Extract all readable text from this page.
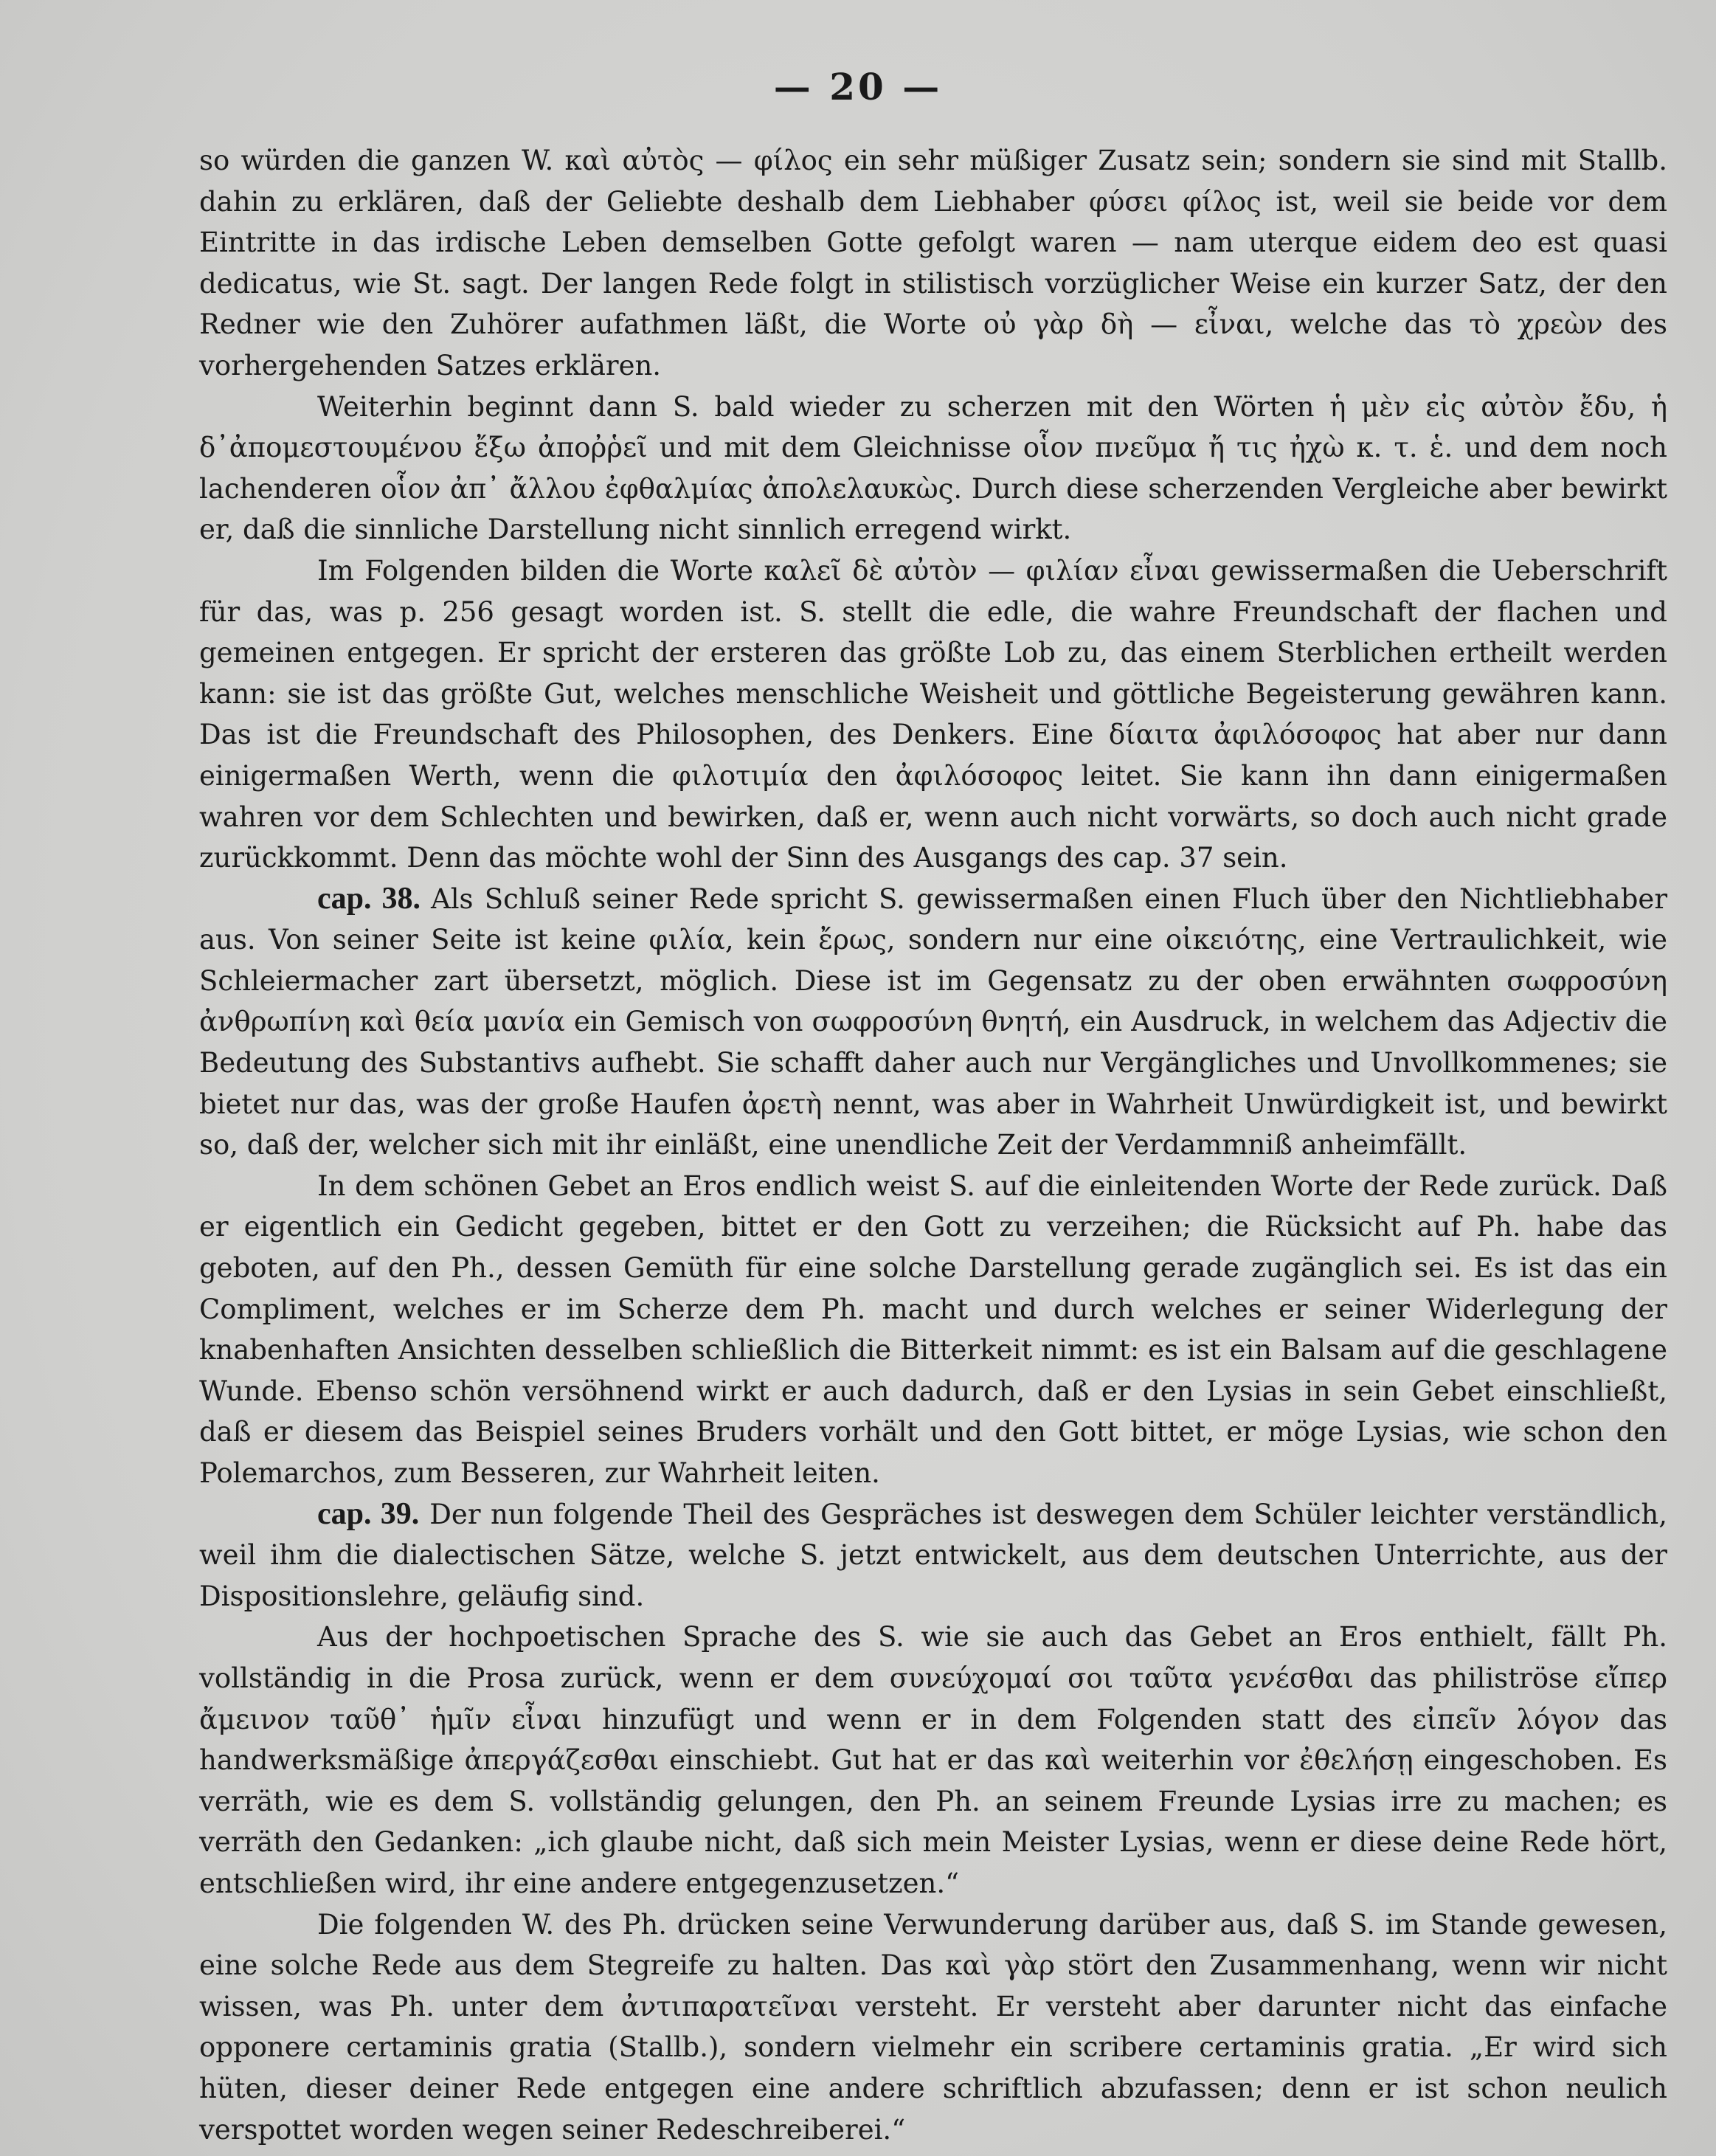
— 20 —

so würden die ganzen W. καὶ αὐτὸς — φίλος ein sehr müßiger Zusatz sein; sondern sie sind mit Stallb. dahin zu erklären, daß der Geliebte deshalb dem Liebhaber φύσει φίλος ist, weil sie beide vor dem Eintritte in das irdische Leben demselben Gotte gefolgt waren — nam uterque eidem deo est quasi dedicatus, wie St. sagt. Der langen Rede folgt in stilistisch vorzüglicher Weise ein kurzer Satz, der den Redner wie den Zuhörer aufathmen läßt, die Worte οὐ γὰρ δὴ — εἶναι, welche das τὸ χρεὼν des vorhergehenden Satzes erklären.

Weiterhin beginnt dann S. bald wieder zu scherzen mit den Wörten ἡ μὲν εἰς αὐτὸν ἔδυ, ἡ δ᾽ἀπομεστουμένου ἔξω ἀποῤῥεῖ und mit dem Gleichnisse οἷον πνεῦμα ἤ τις ἠχὼ κ. τ. ἑ. und dem noch lachenderen οἷον ἀπ᾽ ἄλλου ἐφθαλμίας ἀπολελαυκὼς. Durch diese scherzenden Vergleiche aber bewirkt er, daß die sinnliche Darstellung nicht sinnlich erregend wirkt.

Im Folgenden bilden die Worte καλεῖ δὲ αὐτὸν — φιλίαν εἶναι gewissermaßen die Ueberschrift für das, was p. 256 gesagt worden ist. S. stellt die edle, die wahre Freundschaft der flachen und gemeinen entgegen. Er spricht der ersteren das größte Lob zu, das einem Sterblichen ertheilt werden kann: sie ist das größte Gut, welches menschliche Weisheit und göttliche Begeisterung gewähren kann. Das ist die Freundschaft des Philosophen, des Denkers. Eine δίαιτα ἀφιλόσοφος hat aber nur dann einigermaßen Werth, wenn die φιλοτιμία den ἀφιλόσοφος leitet. Sie kann ihn dann einigermaßen wahren vor dem Schlechten und bewirken, daß er, wenn auch nicht vorwärts, so doch auch nicht grade zurückkommt. Denn das möchte wohl der Sinn des Ausgangs des cap. 37 sein.

cap. 38. Als Schluß seiner Rede spricht S. gewissermaßen einen Fluch über den Nichtliebhaber aus. Von seiner Seite ist keine φιλία, kein ἔρως, sondern nur eine οἰκειότης, eine Vertraulichkeit, wie Schleiermacher zart übersetzt, möglich. Diese ist im Gegensatz zu der oben erwähnten σωφροσύνη ἀνθρωπίνη καὶ θεία μανία ein Gemisch von σωφροσύνη θνητή, ein Ausdruck, in welchem das Adjectiv die Bedeutung des Substantivs aufhebt. Sie schafft daher auch nur Vergängliches und Unvollkommenes; sie bietet nur das, was der große Haufen ἀρετὴ nennt, was aber in Wahrheit Unwürdigkeit ist, und bewirkt so, daß der, welcher sich mit ihr einläßt, eine unendliche Zeit der Verdammniß anheimfällt.

In dem schönen Gebet an Eros endlich weist S. auf die einleitenden Worte der Rede zurück. Daß er eigentlich ein Gedicht gegeben, bittet er den Gott zu verzeihen; die Rücksicht auf Ph. habe das geboten, auf den Ph., dessen Gemüth für eine solche Darstellung gerade zugänglich sei. Es ist das ein Compliment, welches er im Scherze dem Ph. macht und durch welches er seiner Widerlegung der knabenhaften Ansichten desselben schließlich die Bitterkeit nimmt: es ist ein Balsam auf die geschlagene Wunde. Ebenso schön versöhnend wirkt er auch dadurch, daß er den Lysias in sein Gebet einschließt, daß er diesem das Beispiel seines Bruders vorhält und den Gott bittet, er möge Lysias, wie schon den Polemarchos, zum Besseren, zur Wahrheit leiten.

cap. 39. Der nun folgende Theil des Gespräches ist deswegen dem Schüler leichter verständlich, weil ihm die dialectischen Sätze, welche S. jetzt entwickelt, aus dem deutschen Unterrichte, aus der Dispositionslehre, geläufig sind.

Aus der hochpoetischen Sprache des S. wie sie auch das Gebet an Eros enthielt, fällt Ph. vollständig in die Prosa zurück, wenn er dem συνεύχομαί σοι ταῦτα γενέσθαι das philiströse εἴπερ ἄμεινον ταῦθ᾽ ἡμῖν εἶναι hinzufügt und wenn er in dem Folgenden statt des εἰπεῖν λόγον das handwerksmäßige ἀπεργάζεσθαι einschiebt. Gut hat er das καὶ weiterhin vor ἐθελήσῃ eingeschoben. Es verräth, wie es dem S. vollständig gelungen, den Ph. an seinem Freunde Lysias irre zu machen; es verräth den Gedanken: „ich glaube nicht, daß sich mein Meister Lysias, wenn er diese deine Rede hört, entschließen wird, ihr eine andere entgegenzusetzen.“

Die folgenden W. des Ph. drücken seine Verwunderung darüber aus, daß S. im Stande gewesen, eine solche Rede aus dem Stegreife zu halten. Das καὶ γὰρ stört den Zusammenhang, wenn wir nicht wissen, was Ph. unter dem ἀντιπαρατεῖναι versteht. Er versteht aber darunter nicht das einfache opponere certaminis gratia (Stallb.), sondern vielmehr ein scribere certaminis gratia. „Er wird sich hüten, dieser deiner Rede entgegen eine andere schriftlich abzufassen; denn er ist schon neulich verspottet worden wegen seiner Redeschreiberei.“
